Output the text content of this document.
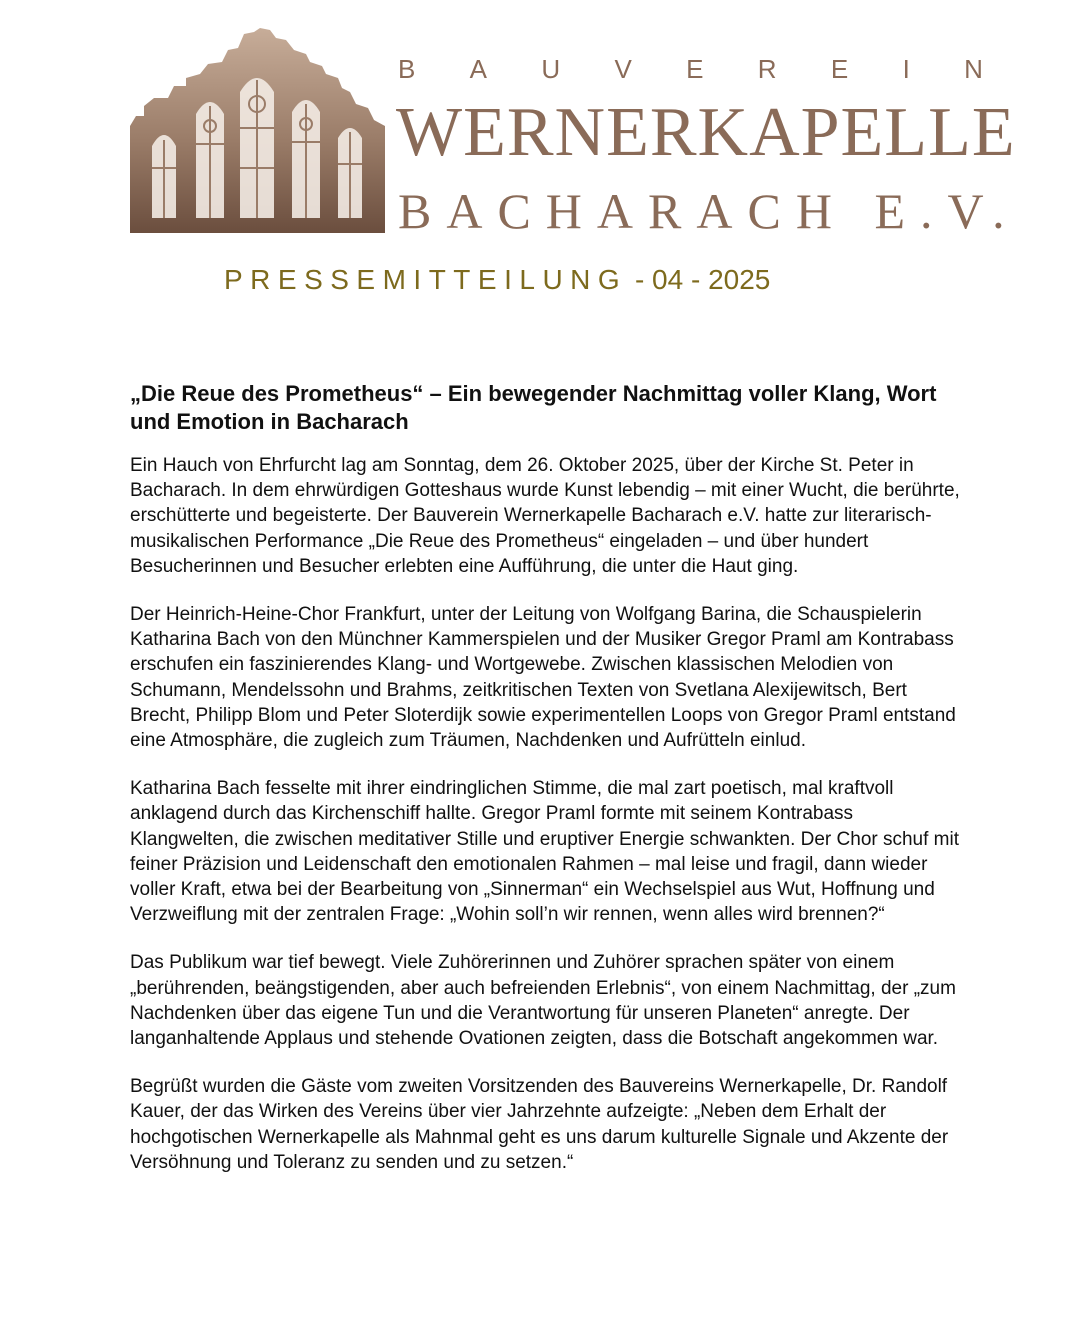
B A U V E R E I N
WERNERKAPELLE
BACHARACH E.V.
PRESSEMITTEILUNG - 04 - 2025
„Die Reue des Prometheus“ – Ein bewegender Nachmittag voller Klang, Wort und Emotion in Bacharach

Ein Hauch von Ehrfurcht lag am Sonntag, dem 26. Oktober 2025, über der Kirche St. Peter in Bacharach. In dem ehrwürdigen Gotteshaus wurde Kunst lebendig – mit einer Wucht, die berührte, erschütterte und begeisterte. Der Bauverein Wernerkapelle Bacharach e.V. hatte zur literarisch-musikalischen Performance „Die Reue des Prometheus“ eingeladen – und über hundert Besucherinnen und Besucher erlebten eine Aufführung, die unter die Haut ging.

Der Heinrich-Heine-Chor Frankfurt, unter der Leitung von Wolfgang Barina, die Schauspielerin Katharina Bach von den Münchner Kammerspielen und der Musiker Gregor Praml am Kontrabass erschufen ein faszinierendes Klang- und Wortgewebe. Zwischen klassischen Melodien von Schumann, Mendelssohn und Brahms, zeitkritischen Texten von Svetlana Alexijewitsch, Bert Brecht, Philipp Blom und Peter Sloterdijk sowie experimentellen Loops von Gregor Praml entstand eine Atmosphäre, die zugleich zum Träumen, Nachdenken und Aufrütteln einlud.

Katharina Bach fesselte mit ihrer eindringlichen Stimme, die mal zart poetisch, mal kraftvoll anklagend durch das Kirchenschiff hallte. Gregor Praml formte mit seinem Kontrabass Klangwelten, die zwischen meditativer Stille und eruptiver Energie schwankten. Der Chor schuf mit feiner Präzision und Leidenschaft den emotionalen Rahmen – mal leise und fragil, dann wieder voller Kraft, etwa bei der Bearbeitung von „Sinnerman“ ein Wechselspiel aus Wut, Hoffnung und Verzweiflung mit der zentralen Frage: „Wohin soll’n wir rennen, wenn alles wird brennen?“

Das Publikum war tief bewegt. Viele Zuhörerinnen und Zuhörer sprachen später von einem „berührenden, beängstigenden, aber auch befreienden Erlebnis“, von einem Nachmittag, der „zum Nachdenken über das eigene Tun und die Verantwortung für unseren Planeten“ anregte. Der langanhaltende Applaus und stehende Ovationen zeigten, dass die Botschaft angekommen war.

Begrüßt wurden die Gäste vom zweiten Vorsitzenden des Bauvereins Wernerkapelle, Dr. Randolf Kauer, der das Wirken des Vereins über vier Jahrzehnte aufzeigte: „Neben dem Erhalt der hochgotischen Wernerkapelle als Mahnmal geht es uns darum kulturelle Signale und Akzente der Versöhnung und Toleranz zu senden und zu setzen.“
